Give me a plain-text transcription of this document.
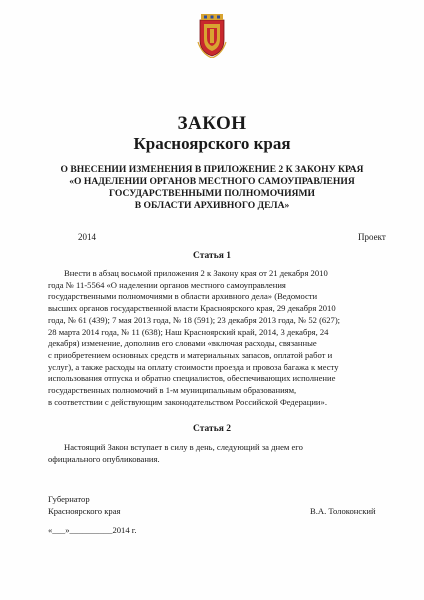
ЗАКОН
Красноярского края
О ВНЕСЕНИИ ИЗМЕНЕНИЯ В ПРИЛОЖЕНИЕ 2 К ЗАКОНУ КРАЯ
«О НАДЕЛЕНИИ ОРГАНОВ МЕСТНОГО САМОУПРАВЛЕНИЯ
ГОСУДАРСТВЕННЫМИ ПОЛНОМОЧИЯМИ
В ОБЛАСТИ АРХИВНОГО ДЕЛА»
2014	Проект
Статья 1
Внести в абзац восьмой приложения 2 к Закону края от 21 декабря 2010
года № 11-5564 «О наделении органов местного самоуправления
государственными полномочиями в области архивного дела» (Ведомости
высших органов государственной власти Красноярского края, 29 декабря 2010
года, № 61 (439); 7 мая 2013 года, № 18 (591); 23 декабря 2013 года, № 52 (627);
28 марта 2014 года, № 11 (638); Наш Красноярский край, 2014, 3 декабря, 24
декабря) изменение, дополнив его словами «включая расходы, связанные
с приобретением основных средств и материальных запасов, оплатой работ и
услуг), а также расходы на оплату стоимости проезда и провоза багажа к месту
использования отпуска и обратно специалистов, обеспечивающих исполнение
государственных полномочий в 1-м муниципальным образованиям,
в соответствии с действующим законодательством Российской Федерации».
Статья 2
Настоящий Закон вступает в силу в день, следующий за днем его
официального опубликования.
Губернатор
Красноярского края	В.А. Толоконский
«___»__________2014 г.
